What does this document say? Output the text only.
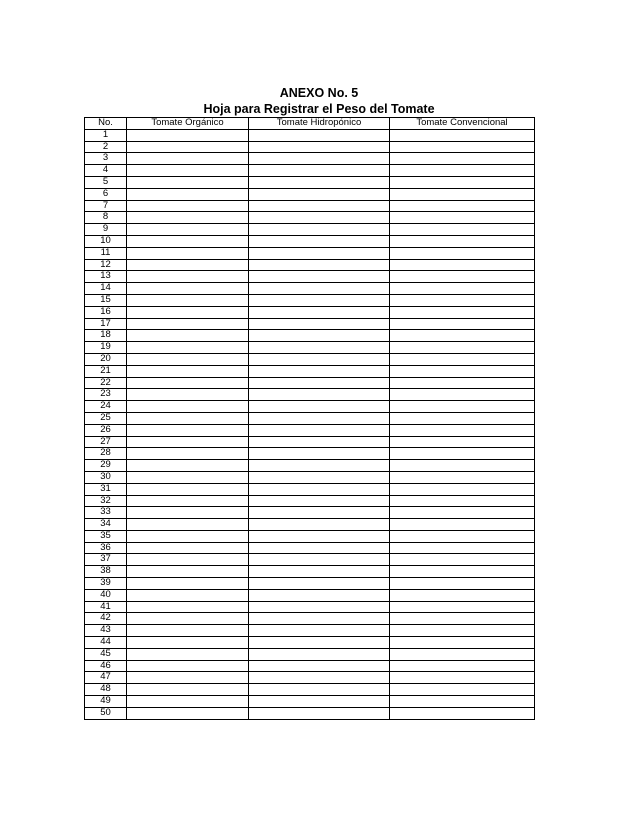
ANEXO No. 5
Hoja para Registrar el Peso del Tomate
No.	Tomate Orgánico	Tomate Hidropónico	Tomate Convencional
1			
2			
3			
4			
5			
6			
7			
8			
9			
10			
11			
12			
13			
14			
15			
16			
17			
18			
19			
20			
21			
22			
23			
24			
25			
26			
27			
28			
29			
30			
31			
32			
33			
34			
35			
36			
37			
38			
39			
40			
41			
42			
43			
44			
45			
46			
47			
48			
49			
50			
